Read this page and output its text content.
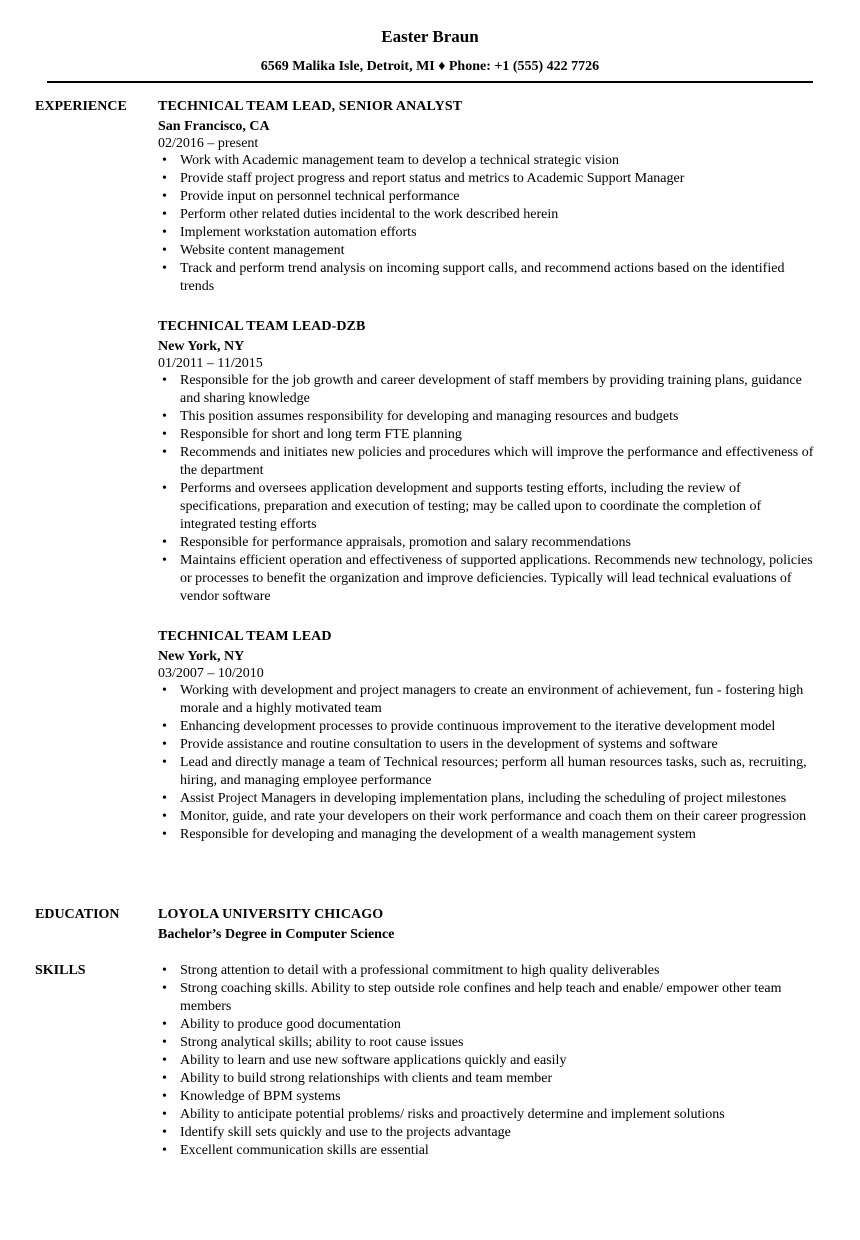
Easter Braun
6569 Malika Isle, Detroit, MI ♦ Phone: +1 (555) 422 7726
EXPERIENCE TECHNICAL TEAM LEAD, SENIOR ANALYST
San Francisco, CA
02/2016 – present
• Work with Academic management team to develop a technical strategic vision
• Provide staff project progress and report status and metrics to Academic Support Manager
• Provide input on personnel technical performance
• Perform other related duties incidental to the work described herein
• Implement workstation automation efforts
• Website content management
• Track and perform trend analysis on incoming support calls, and recommend actions based on the identified trends
TECHNICAL TEAM LEAD-DZB
New York, NY
01/2011 – 11/2015
• Responsible for the job growth and career development of staff members by providing training plans, guidance and sharing knowledge
• This position assumes responsibility for developing and managing resources and budgets
• Responsible for short and long term FTE planning
• Recommends and initiates new policies and procedures which will improve the performance and effectiveness of the department
• Performs and oversees application development and supports testing efforts, including the review of specifications, preparation and execution of testing; may be called upon to coordinate the completion of integrated testing efforts
• Responsible for performance appraisals, promotion and salary recommendations
• Maintains efficient operation and effectiveness of supported applications. Recommends new technology, policies or processes to benefit the organization and improve deficiencies. Typically will lead technical evaluations of vendor software
TECHNICAL TEAM LEAD
New York, NY
03/2007 – 10/2010
• Working with development and project managers to create an environment of achievement, fun - fostering high morale and a highly motivated team
• Enhancing development processes to provide continuous improvement to the iterative development model
• Provide assistance and routine consultation to users in the development of systems and software
• Lead and directly manage a team of Technical resources; perform all human resources tasks, such as, recruiting, hiring, and managing employee performance
• Assist Project Managers in developing implementation plans, including the scheduling of project milestones
• Monitor, guide, and rate your developers on their work performance and coach them on their career progression
• Responsible for developing and managing the development of a wealth management system
EDUCATION	LOYOLA UNIVERSITY CHICAGO
Bachelor’s Degree in Computer Science
SKILLS	• Strong attention to detail with a professional commitment to high quality deliverables
• Strong coaching skills. Ability to step outside role confines and help teach and enable/ empower other team members
• Ability to produce good documentation
• Strong analytical skills; ability to root cause issues
• Ability to learn and use new software applications quickly and easily
• Ability to build strong relationships with clients and team member
• Knowledge of BPM systems
• Ability to anticipate potential problems/ risks and proactively determine and implement solutions
• Identify skill sets quickly and use to the projects advantage
• Excellent communication skills are essential
